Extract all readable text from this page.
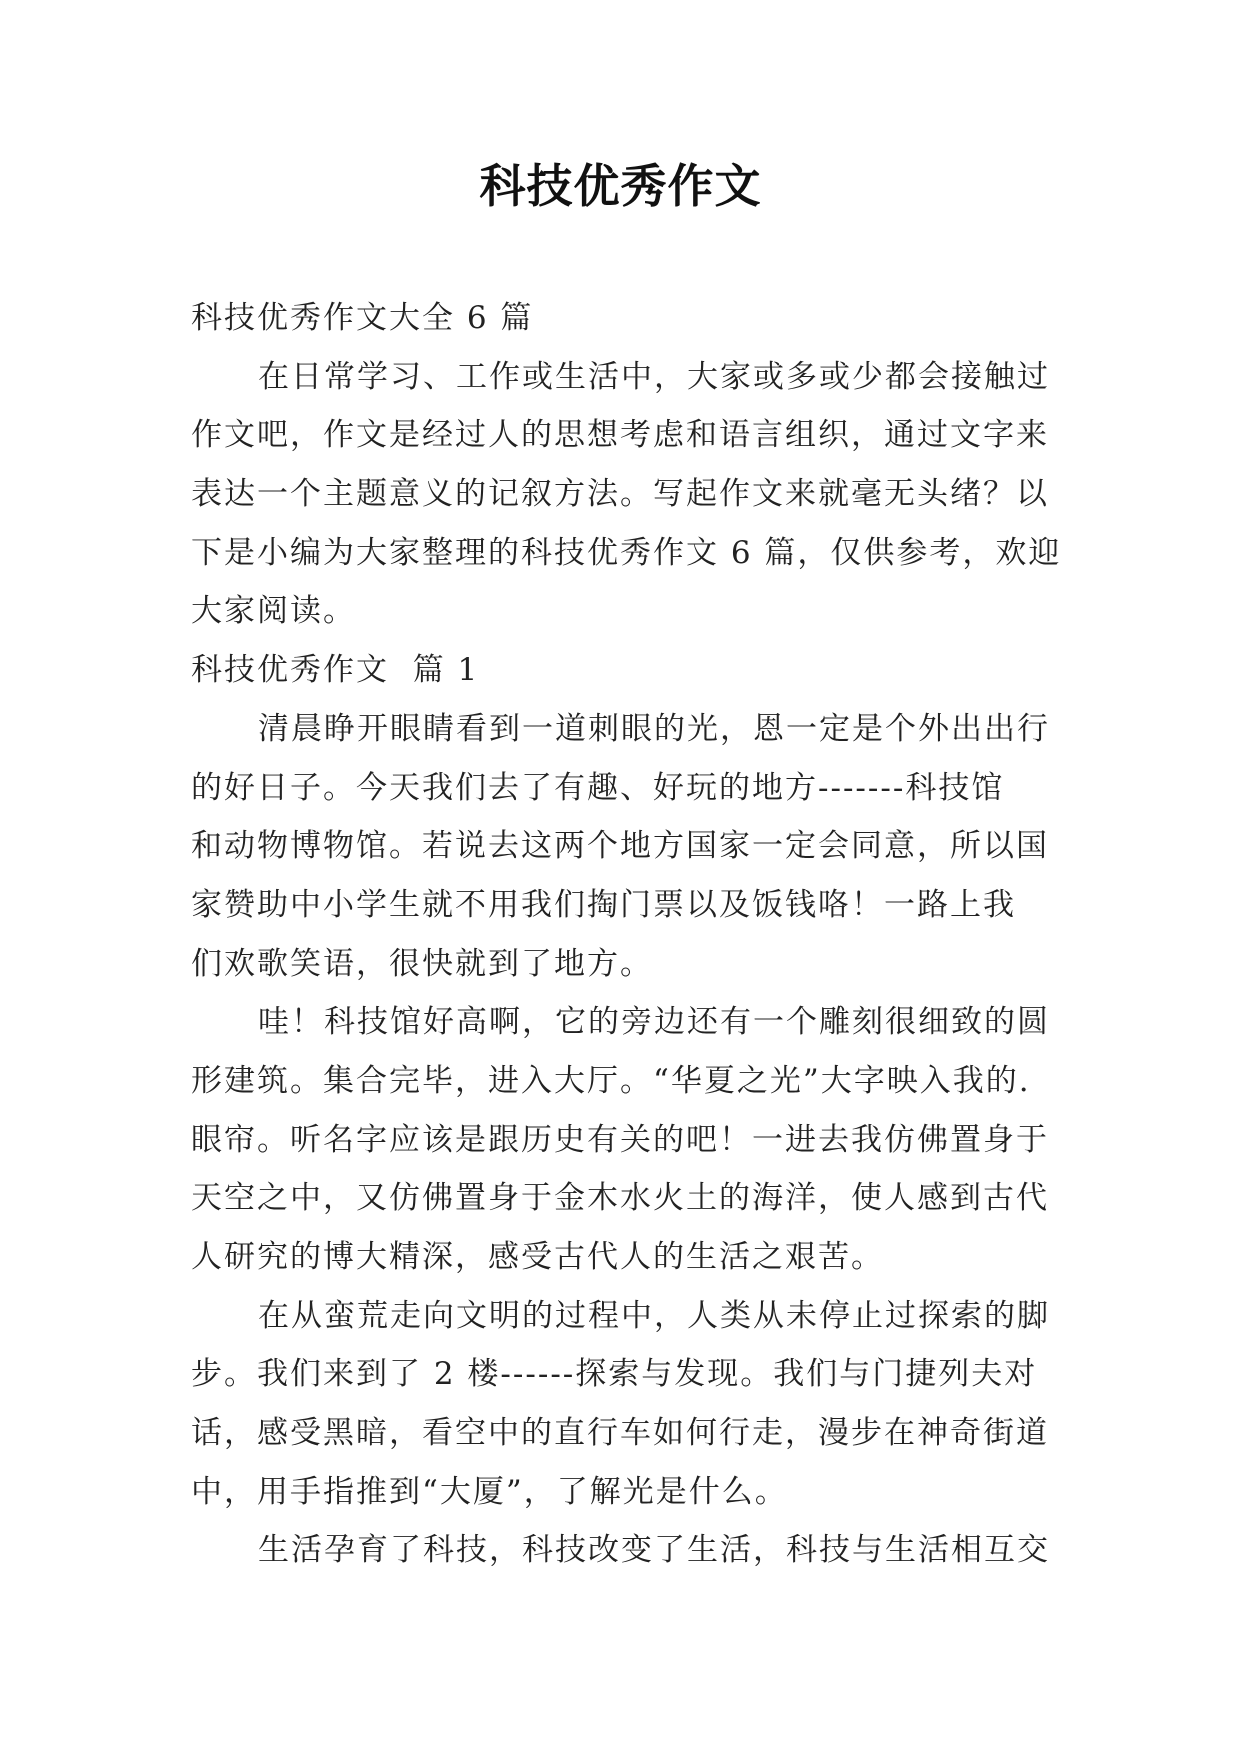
科技优秀作文
科技优秀作文大全 6 篇
在日常学习、工作或生活中，大家或多或少都会接触过
作文吧，作文是经过人的思想考虑和语言组织，通过文字来
表达一个主题意义的记叙方法。写起作文来就毫无头绪？以
下是小编为大家整理的科技优秀作文 6 篇，仅供参考，欢迎
大家阅读。
科技优秀作文  篇 1
清晨睁开眼睛看到一道刺眼的光，恩一定是个外出出行
的好日子。今天我们去了有趣、好玩的地方-------科技馆
和动物博物馆。若说去这两个地方国家一定会同意，所以国
家赞助中小学生就不用我们掏门票以及饭钱咯！一路上我
们欢歌笑语，很快就到了地方。
哇！科技馆好高啊，它的旁边还有一个雕刻很细致的圆
形建筑。集合完毕，进入大厅。“华夏之光”大字映入我的.
眼帘。听名字应该是跟历史有关的吧！一进去我仿佛置身于
天空之中，又仿佛置身于金木水火土的海洋，使人感到古代
人研究的博大精深，感受古代人的生活之艰苦。
在从蛮荒走向文明的过程中，人类从未停止过探索的脚
步。我们来到了 2 楼------探索与发现。我们与门捷列夫对
话，感受黑暗，看空中的直行车如何行走，漫步在神奇街道
中，用手指推到“大厦”，了解光是什么。
生活孕育了科技，科技改变了生活，科技与生活相互交
